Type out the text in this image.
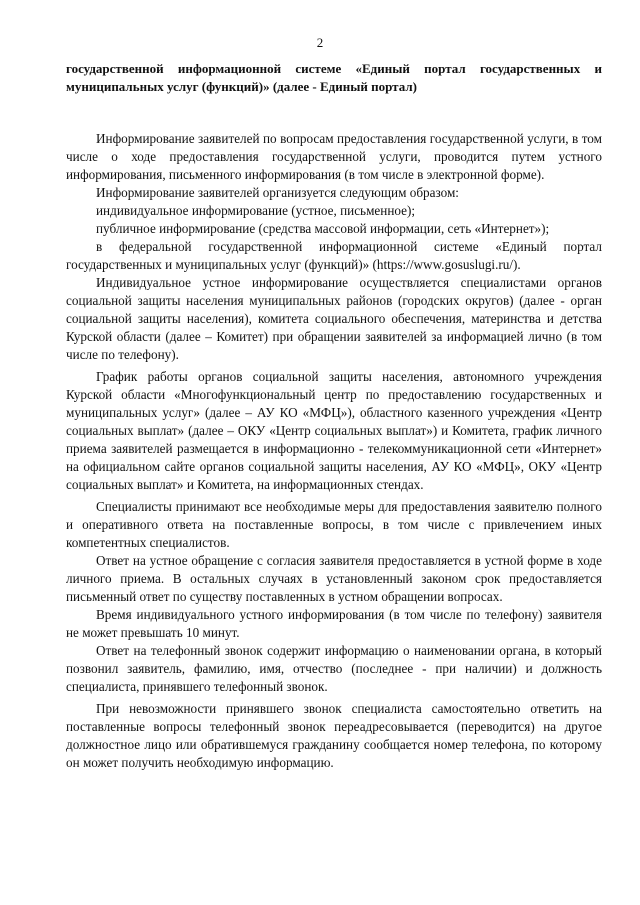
2
государственной информационной системе «Единый портал государственных и муниципальных услуг (функций)» (далее - Единый портал)

Информирование заявителей по вопросам предоставления государственной услуги, в том числе о ходе предоставления государственной услуги, проводится путем устного информирования, письменного информирования (в том числе в электронной форме).

Информирование заявителей организуется следующим образом:

индивидуальное информирование (устное, письменное);

публичное информирование (средства массовой информации, сеть «Интернет»);

в федеральной государственной информационной системе «Единый портал государственных и муниципальных услуг (функций)» (https://www.gosuslugi.ru/).

Индивидуальное устное информирование осуществляется специалистами органов социальной защиты населения муниципальных районов (городских округов) (далее - орган социальной защиты населения), комитета социального обеспечения, материнства и детства Курской области (далее – Комитет) при обращении заявителей за информацией лично (в том числе по телефону).

График работы органов социальной защиты населения, автономного учреждения Курской области «Многофункциональный центр по предоставлению государственных и муниципальных услуг» (далее – АУ КО «МФЦ»), областного казенного учреждения «Центр социальных выплат» (далее – ОКУ «Центр социальных выплат») и Комитета, график личного приема заявителей размещается в информационно - телекоммуникационной сети «Интернет» на официальном сайте органов социальной защиты населения, АУ КО «МФЦ», ОКУ «Центр социальных выплат» и Комитета, на информационных стендах.

Специалисты принимают все необходимые меры для предоставления заявителю полного и оперативного ответа на поставленные вопросы, в том числе с привлечением иных компетентных специалистов.

Ответ на устное обращение с согласия заявителя предоставляется в устной форме в ходе личного приема. В остальных случаях в установленный законом срок предоставляется письменный ответ по существу поставленных в устном обращении вопросах.

Время индивидуального устного информирования (в том числе по телефону) заявителя не может превышать 10 минут.

Ответ на телефонный звонок содержит информацию о наименовании органа, в который позвонил заявитель, фамилию, имя, отчество (последнее - при наличии) и должность специалиста, принявшего телефонный звонок.

При невозможности принявшего звонок специалиста самостоятельно ответить на поставленные вопросы телефонный звонок переадресовывается (переводится) на другое должностное лицо или обратившемуся гражданину сообщается номер телефона, по которому он может получить необходимую информацию.
